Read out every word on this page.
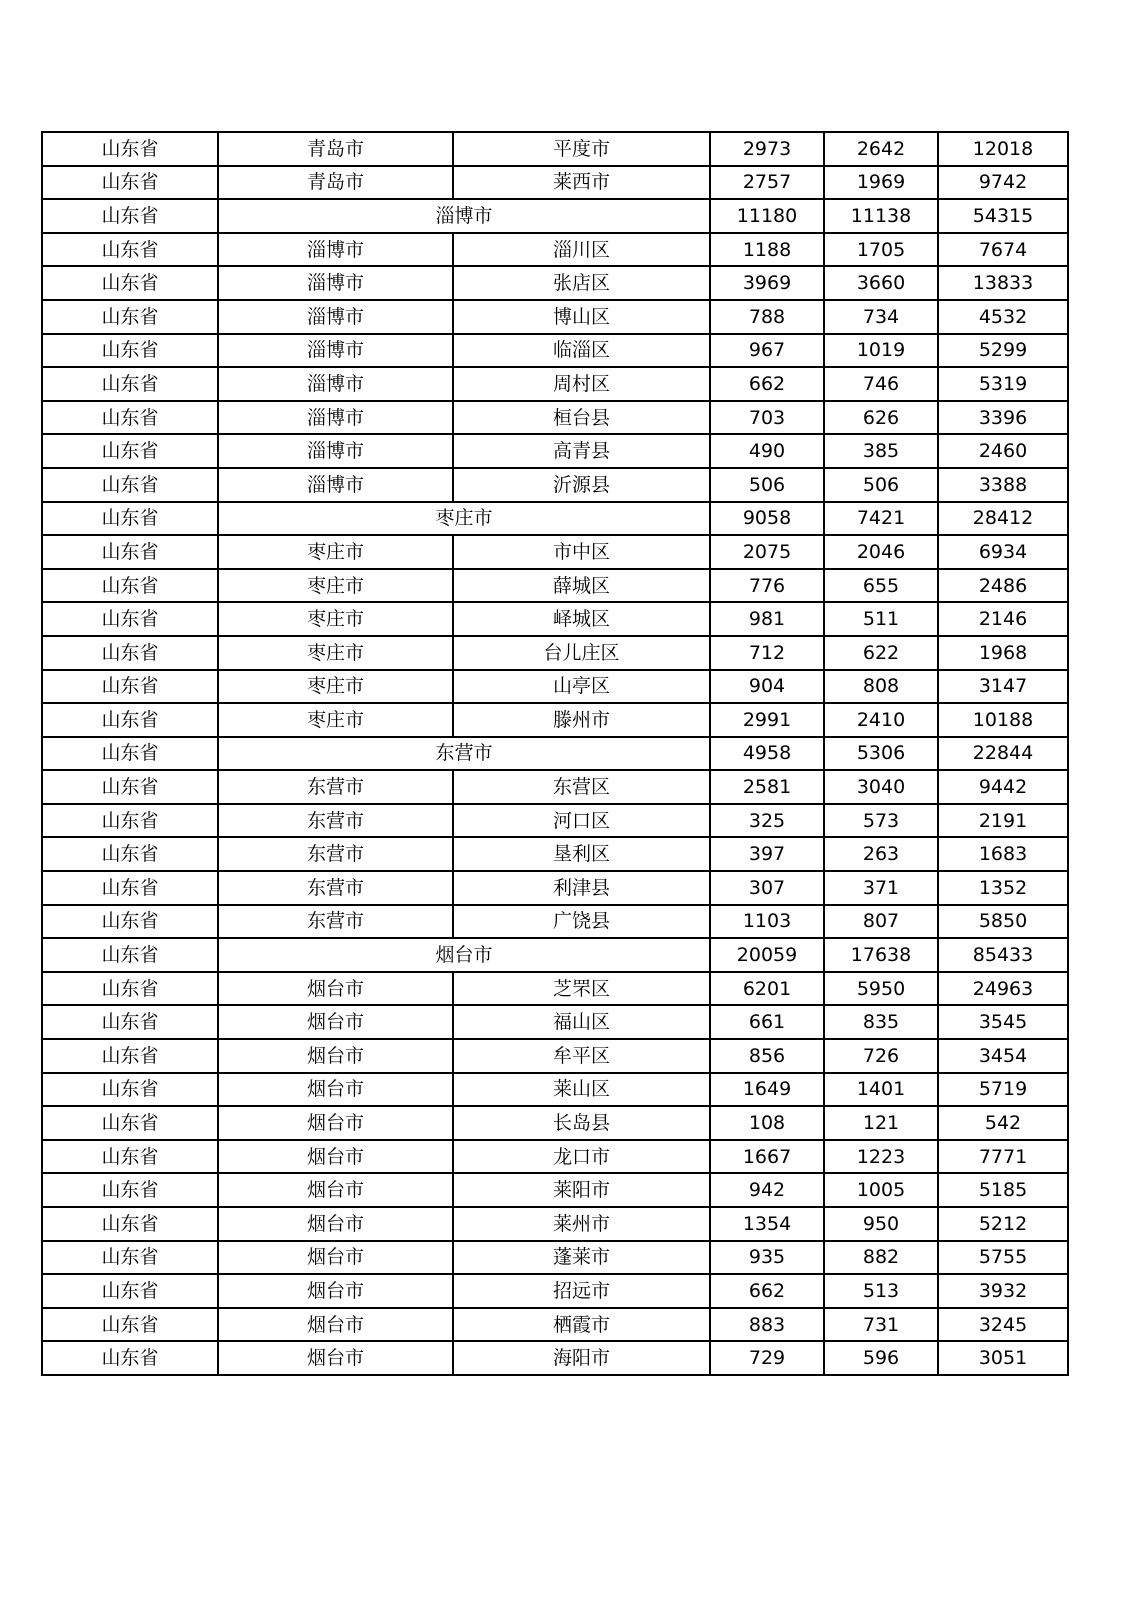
山东省	青岛市	平度市	2973	2642	12018
山东省	青岛市	莱西市	2757	1969	9742
山东省	淄博市		11180	11138	54315
山东省	淄博市	淄川区	1188	1705	7674
山东省	淄博市	张店区	3969	3660	13833
山东省	淄博市	博山区	788	734	4532
山东省	淄博市	临淄区	967	1019	5299
山东省	淄博市	周村区	662	746	5319
山东省	淄博市	桓台县	703	626	3396
山东省	淄博市	高青县	490	385	2460
山东省	淄博市	沂源县	506	506	3388
山东省	枣庄市		9058	7421	28412
山东省	枣庄市	市中区	2075	2046	6934
山东省	枣庄市	薛城区	776	655	2486
山东省	枣庄市	峄城区	981	511	2146
山东省	枣庄市	台儿庄区	712	622	1968
山东省	枣庄市	山亭区	904	808	3147
山东省	枣庄市	滕州市	2991	2410	10188
山东省	东营市		4958	5306	22844
山东省	东营市	东营区	2581	3040	9442
山东省	东营市	河口区	325	573	2191
山东省	东营市	垦利区	397	263	1683
山东省	东营市	利津县	307	371	1352
山东省	东营市	广饶县	1103	807	5850
山东省	烟台市		20059	17638	85433
山东省	烟台市	芝罘区	6201	5950	24963
山东省	烟台市	福山区	661	835	3545
山东省	烟台市	牟平区	856	726	3454
山东省	烟台市	莱山区	1649	1401	5719
山东省	烟台市	长岛县	108	121	542
山东省	烟台市	龙口市	1667	1223	7771
山东省	烟台市	莱阳市	942	1005	5185
山东省	烟台市	莱州市	1354	950	5212
山东省	烟台市	蓬莱市	935	882	5755
山东省	烟台市	招远市	662	513	3932
山东省	烟台市	栖霞市	883	731	3245
山东省	烟台市	海阳市	729	596	3051
